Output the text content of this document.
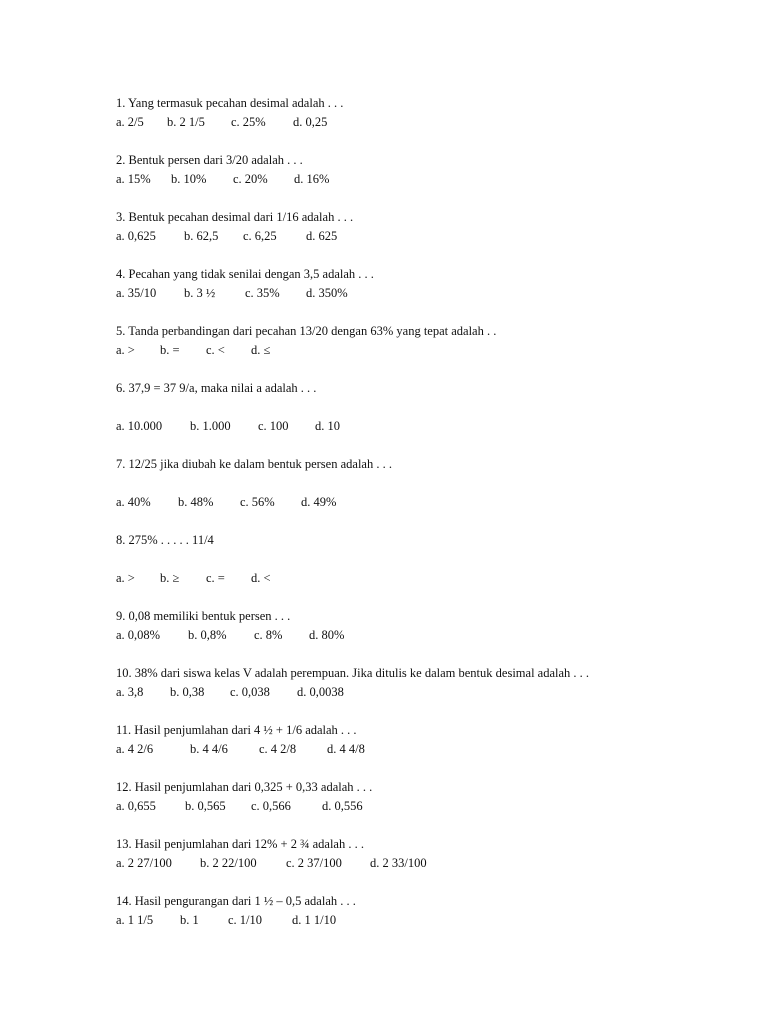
1. Yang termasuk pecahan desimal adalah . . .
a. 2/5 b. 2 1/5 c. 25% d. 0,25
2. Bentuk persen dari 3/20 adalah . . .
a. 15% b. 10% c. 20% d. 16%
3. Bentuk pecahan desimal dari 1/16 adalah . . .
a. 0,625 b. 62,5 c. 6,25 d. 625
4. Pecahan yang tidak senilai dengan 3,5 adalah . . .
a. 35/10 b. 3 ½ c. 35% d. 350%
5. Tanda perbandingan dari pecahan 13/20 dengan 63% yang tepat adalah . .
a. > b. = c. < d. ≤
6. 37,9 = 37 9/a, maka nilai a adalah . . .
a. 10.000 b. 1.000 c. 100 d. 10
7. 12/25 jika diubah ke dalam bentuk persen adalah . . .
a. 40% b. 48% c. 56% d. 49%
8. 275% . . . . . 11/4
a. > b. ≥ c. = d. <
9. 0,08 memiliki bentuk persen . . .
a. 0,08% b. 0,8% c. 8% d. 80%
10. 38% dari siswa kelas V adalah perempuan. Jika ditulis ke dalam bentuk desimal adalah . . .
a. 3,8 b. 0,38 c. 0,038 d. 0,0038
11. Hasil penjumlahan dari 4 ½ + 1/6 adalah . . .
a. 4 2/6	b. 4 4/6 c. 4 2/8 d. 4 4/8
12. Hasil penjumlahan dari 0,325 + 0,33 adalah . . .
a. 0,655 b. 0,565 c. 0,566 d. 0,556
13. Hasil penjumlahan dari 12% + 2 ¾ adalah . . .
a. 2 27/100 b. 2 22/100 c. 2 37/100 d. 2 33/100
14. Hasil pengurangan dari 1 ½ – 0,5 adalah . . .
a. 1 1/5 b. 1 c. 1/10 d. 1 1/10
